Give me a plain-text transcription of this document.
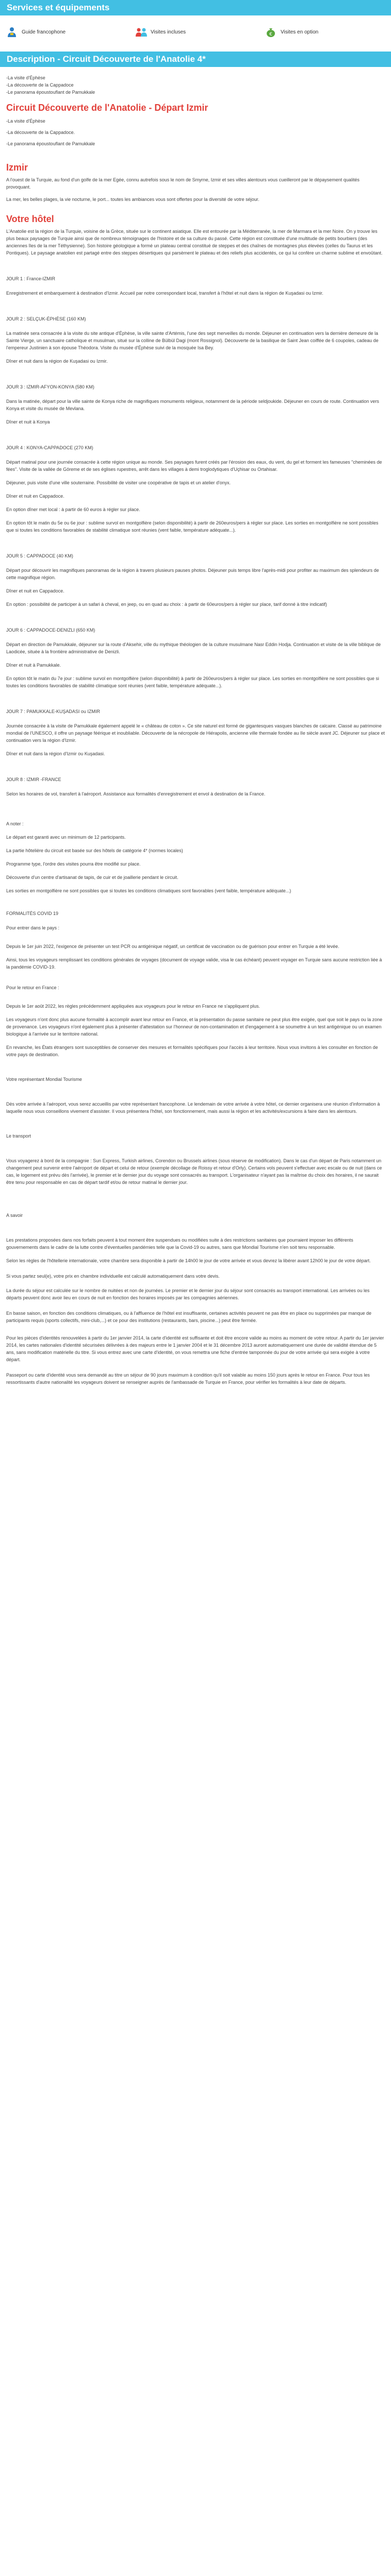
Services et équipements
Guide francophone	Visites incluses	€ Visites en option
Description - Circuit Découverte de l'Anatolie 4*

-La visite d'Éphèse

-La découverte de la Cappadoce

-Le panorama époustouflant de Pamukkale

Circuit Découverte de l'Anatolie - Départ Izmir

-La visite d'Éphèse

-La découverte de la Cappadoce.

-Le panorama époustouflant de Pamukkale

Izmir

A l'ouest de la Turquie, au fond d'un golfe de la mer Egée, connu autrefois sous le nom de Smyrne, Izmir et ses villes alentours vous cueilleront par le dépaysement qualités provoquant.

La mer, les belles plages, la vie nocturne, le port... toutes les ambiances vous sont offertes pour la diversité de votre séjour.

Votre hôtel

L'Anatolie est la région de la Turquie, voisine de la Grèce, située sur le continent asiatique. Elle est entourée par la Méditerranée, la mer de Marmara et la mer Noire. On y trouve les plus beaux paysages de Turquie ainsi que de nombreux témoignages de l'histoire et de sa culture du passé. Cette région est constituée d'une multitude de petits bourbiers (des anciennes îles de la mer Téthysienne). Son histoire géologique a formé un plateau central constitué de steppes et des chaînes de montagnes plus élevées (celles du Taurus et les Pontiques). Le paysage anatolien est partagé entre des steppes désertiques qui parsèment le plateau et des reliefs plus accidentés, ce qui lui confère un charme sublime et envoûtant.

JOUR 1 : France-IZMIR

Enregistrement et embarquement à destination d'Izmir. Accueil par notre correspondant local, transfert à l'hôtel et nuit dans la région de Kuşadasi ou Izmir.

JOUR 2 : SELÇUK-ÉPHÈSE (160 KM)

La matinée sera consacrée à la visite du site antique d'Éphèse, la ville sainte d'Artémis, l'une des sept merveilles du monde. Déjeuner en continuation vers la dernière demeure de la Sainte Vierge, un sanctuaire catholique et musulman, situé sur la colline de Bülbül Dagi (mont Rossignol). Découverte de la basilique de Saint Jean coiffée de 6 coupoles, cadeau de l'empereur Justinien à son épouse Théodora. Visite du musée d'Éphèse suivi de la mosquée Isa Bey.

Dîner et nuit dans la région de Kuşadasi ou Izmir.

JOUR 3 : IZMIR-AFYON-KONYA (580 KM)

Dans la matinée, départ pour la ville sainte de Konya riche de magnifiques monuments religieux, notamment de la période seldjoukide. Déjeuner en cours de route. Continuation vers Konya et visite du musée de Mevlana.

Dîner et nuit à Konya

JOUR 4 : KONYA-CAPPADOCE (270 KM)

Départ matinal pour une journée consacrée à cette région unique au monde. Ses paysages furent créés par l'érosion des eaux, du vent, du gel et forment les fameuses "cheminées de fées". Visite de la vallée de Göreme et de ses églises rupestres, arrêt dans les villages à demi troglodytiques d'Uçhisar ou Ortahisar.

Déjeuner, puis visite d'une ville souterraine. Possibilité de visiter une coopérative de tapis et un atelier d'onyx.

Dîner et nuit en Cappadoce.

En option dîner met local : à partir de 60 euros à régler sur place.

En option tôt le matin du 5e ou 6e jour : sublime survol en montgolfière (selon disponibilité) à partir de 260euros/pers à régler sur place. Les sorties en montgolfière ne sont possibles que si toutes les conditions favorables de stabilité climatique sont réunies (vent faible, température adéquate...).

JOUR 5 : CAPPADOCE (40 KM)

Départ pour découvrir les magnifiques panoramas de la région à travers plusieurs pauses photos. Déjeuner puis temps libre l'après-midi pour profiter au maximum des splendeurs de cette magnifique région.

Dîner et nuit en Cappadoce.

En option : possibilité de participer à un safari à cheval, en jeep, ou en quad au choix : à partir de 60euros/pers à régler sur place, tarif donné à titre indicatif)

JOUR 6 : CAPPADOCE-DENIZLI (650 KM)

Départ en direction de Pamukkale, déjeuner sur la route d'Aksehir, ville du mythique théologien de la culture musulmane Nasr Eddin Hodja. Continuation et visite de la ville biblique de Laodicée, située à la frontière administrative de Denizli.

Dîner et nuit à Pamukkale.

En option tôt le matin du 7e jour : sublime survol en montgolfière (selon disponibilité) à partir de 260euros/pers à régler sur place. Les sorties en montgolfière ne sont possibles que si toutes les conditions favorables de stabilité climatique sont réunies (vent faible, température adéquate...).

JOUR 7 : PAMUKKALE-KUŞADASI ou IZMIR

Journée consacrée à la visite de Pamukkale également appelé le « château de coton ». Ce site naturel est formé de gigantesques vasques blanches de calcaire. Classé au patrimoine mondial de l'UNESCO, il offre un paysage féérique et inoubliable. Découverte de la nécropole de Hiérapolis, ancienne ville thermale fondée au IIe siècle avant JC. Déjeuner sur place et continuation vers la région d'Izmir.

Dîner et nuit dans la région d'Izmir ou Kuşadasi.

JOUR 8 : IZMIR -FRANCE

Selon les horaires de vol, transfert à l'aéroport. Assistance aux formalités d'enregistrement et envol à destination de la France.

A noter :

Le départ est garanti avec un minimum de 12 participants.

La partie hôtelière du circuit est basée sur des hôtels de catégorie 4* (normes locales)

Programme type, l'ordre des visites pourra être modifié sur place.

Découverte d'un centre d'artisanat de tapis, de cuir et de joaillerie pendant le circuit.

Les sorties en montgolfière ne sont possibles que si toutes les conditions climatiques sont favorables (vent faible, température adéquate...)

FORMALITÉS COVID 19

Pour entrer dans le pays :

Depuis le 1er juin 2022, l'exigence de présenter un test PCR ou antigénique négatif, un certificat de vaccination ou de guérison pour entrer en Turquie a été levée.

Ainsi, tous les voyageurs remplissant les conditions générales de voyages (document de voyage valide, visa le cas échéant) peuvent voyager en Turquie sans aucune restriction liée à la pandémie COVID-19.

Pour le retour en France :

Depuis le 1er août 2022, les règles précédemment appliquées aux voyageurs pour le retour en France ne s'appliquent plus.

Les voyageurs n'ont donc plus aucune formalité à accomplir avant leur retour en France, et la présentation du passe sanitaire ne peut plus être exigée, quel que soit le pays ou la zone de provenance. Les voyageurs n'ont également plus à présenter d'attestation sur l'honneur de non-contamination et d'engagement à se soumettre à un test antigénique ou un examen biologique à l'arrivée sur le territoire national.

En revanche, les États étrangers sont susceptibles de conserver des mesures et formalités spécifiques pour l'accès à leur territoire. Nous vous invitons à les consulter en fonction de votre pays de destination.

Votre représentant Mondial Tourisme

Dès votre arrivée à l'aéroport, vous serez accueillis par votre représentant francophone. Le lendemain de votre arrivée à votre hôtel, ce dernier organisera une réunion d'information à laquelle nous vous conseillons vivement d'assister. Il vous présentera l'hôtel, son fonctionnement, mais aussi la région et les activités/excursions à faire dans les alentours.

Le transport

Vous voyagerez à bord de la compagnie : Sun Express, Turkish airlines, Corendon ou Brussels airlines (sous réserve de modification). Dans le cas d'un départ de Paris notamment un changement peut survenir entre l'aéroport de départ et celui de retour (exemple décollage de Roissy et retour d'Orly). Certains vols peuvent s'effectuer avec escale ou de nuit (dans ce cas, le logement est prévu dès l'arrivée), le premier et le dernier jour du voyage sont consacrés au transport. L'organisateur n'ayant pas la maîtrise du choix des horaires, il ne saurait être tenu pour responsable en cas de départ tardif et/ou de retour matinal le dernier jour.

A savoir

Les prestations proposées dans nos forfaits peuvent à tout moment être suspendues ou modifiées suite à des restrictions sanitaires que pourraient imposer les différents gouvernements dans le cadre de la lutte contre d'éventuelles pandémies telle que la Covid-19 ou autres, sans que Mondial Tourisme n'en soit tenu responsable.

Selon les règles de l'hôtellerie internationale, votre chambre sera disponible à partir de 14h00 le jour de votre arrivée et vous devrez la libérer avant 12h00 le jour de votre départ.

Si vous partez seul(e), votre prix en chambre individuelle est calculé automatiquement dans votre devis.

La durée du séjour est calculée sur le nombre de nuitées et non de journées. Le premier et le dernier jour du séjour sont consacrés au transport international. Les arrivées ou les départs peuvent donc avoir lieu en cours de nuit en fonction des horaires imposés par les compagnies aériennes.

En basse saison, en fonction des conditions climatiques, ou à l'affluence de l'hôtel est insuffisante, certaines activités peuvent ne pas être en place ou supprimées par manque de participants requis (sports collectifs, mini-club,...) et ce pour des institutions (restaurants, bars, piscine...) peut être fermée.

Pour les pièces d'identités renouvelées à partir du 1er janvier 2014, la carte d'identité est suffisante et doit être encore valide au moins au moment de votre retour. A partir du 1er janvier 2014, les cartes nationales d'identité sécurisées délivrées à des majeurs entre le 1 janvier 2004 et le 31 décembre 2013 auront automatiquement une durée de validité étendue de 5 ans, sans modification matérielle du titre. Si vous entrez avec une carte d'identité, on vous remettra une fiche d'entrée tamponnée du jour de votre arrivée qui sera exigée à votre départ.

Passeport ou carte d'identité vous sera demandé au titre un séjour de 90 jours maximum à condition qu'il soit valable au moins 150 jours après le retour en France. Pour tous les ressortissants d'autre nationalité les voyageurs doivent se renseigner auprès de l'ambassade de Turquie en France, pour vérifier les formalités à leur date de départs.
